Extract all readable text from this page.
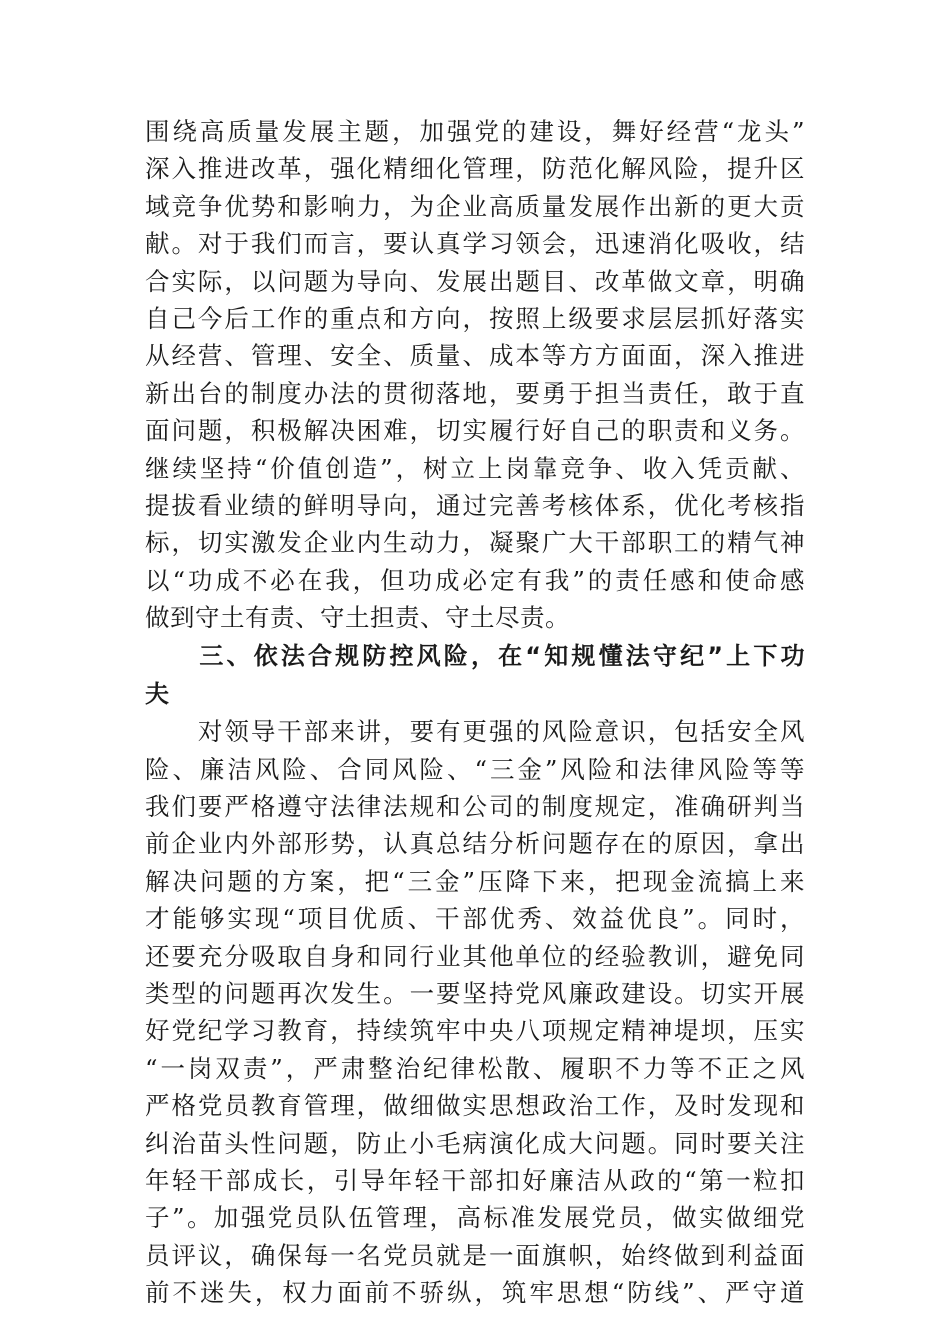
围绕高质量发展主题，加强党的建设，舞好经营“龙头”
深入推进改革，强化精细化管理，防范化解风险，提升区
域竞争优势和影响力，为企业高质量发展作出新的更大贡
献。对于我们而言，要认真学习领会，迅速消化吸收，结
合实际，以问题为导向、发展出题目、改革做文章，明确
自己今后工作的重点和方向，按照上级要求层层抓好落实
从经营、管理、安全、质量、成本等方方面面，深入推进
新出台的制度办法的贯彻落地，要勇于担当责任，敢于直
面问题，积极解决困难，切实履行好自己的职责和义务。
继续坚持“价值创造”，树立上岗靠竞争、收入凭贡献、
提拔看业绩的鲜明导向，通过完善考核体系，优化考核指
标，切实激发企业内生动力，凝聚广大干部职工的精气神
以“功成不必在我，但功成必定有我”的责任感和使命感
做到守土有责、守土担责、守土尽责。
　　三、依法合规防控风险，在“知规懂法守纪”上下功
夫
　　对领导干部来讲，要有更强的风险意识，包括安全风
险、廉洁风险、合同风险、“三金”风险和法律风险等等
我们要严格遵守法律法规和公司的制度规定，准确研判当
前企业内外部形势，认真总结分析问题存在的原因，拿出
解决问题的方案，把“三金”压降下来，把现金流搞上来
才能够实现“项目优质、干部优秀、效益优良”。同时，
还要充分吸取自身和同行业其他单位的经验教训，避免同
类型的问题再次发生。一要坚持党风廉政建设。切实开展
好党纪学习教育，持续筑牢中央八项规定精神堤坝，压实
“一岗双责”，严肃整治纪律松散、履职不力等不正之风
严格党员教育管理，做细做实思想政治工作，及时发现和
纠治苗头性问题，防止小毛病演化成大问题。同时要关注
年轻干部成长，引导年轻干部扣好廉洁从政的“第一粒扣
子”。加强党员队伍管理，高标准发展党员，做实做细党
员评议，确保每一名党员就是一面旗帜，始终做到利益面
前不迷失，权力面前不骄纵，筑牢思想“防线”、严守道
